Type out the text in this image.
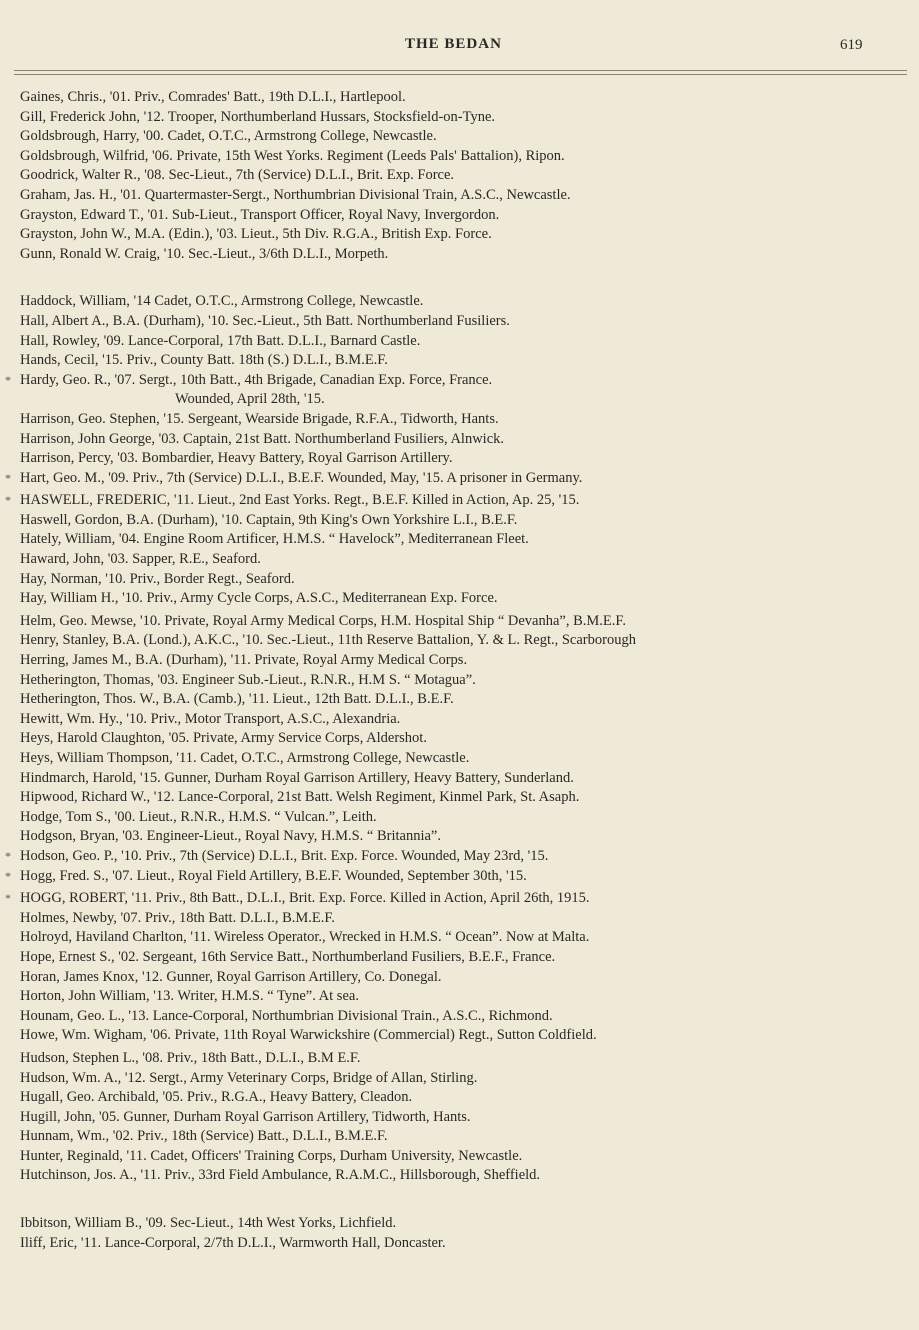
THE BEDAN	619
Gaines, Chris., '01. Priv., Comrades' Batt., 19th D.L.I., Hartlepool.
Gill, Frederick John, '12. Trooper, Northumberland Hussars, Stocksfield-on-Tyne.
Goldsbrough, Harry, '00. Cadet, O.T.C., Armstrong College, Newcastle.
Goldsbrough, Wilfrid, '06. Private, 15th West Yorks. Regiment (Leeds Pals' Battalion), Ripon.
Goodrick, Walter R., '08. Sec-Lieut., 7th (Service) D.L.I., Brit. Exp. Force.
Graham, Jas. H., '01. Quartermaster-Sergt., Northumbrian Divisional Train, A.S.C., Newcastle.
Grayston, Edward T., '01. Sub-Lieut., Transport Officer, Royal Navy, Invergordon.
Grayston, John W., M.A. (Edin.), '03. Lieut., 5th Div. R.G.A., British Exp. Force.
Gunn, Ronald W. Craig, '10. Sec.-Lieut., 3/6th D.L.I., Morpeth.
Haddock, William, '14 Cadet, O.T.C., Armstrong College, Newcastle.
Hall, Albert A., B.A. (Durham), '10. Sec.-Lieut., 5th Batt. Northumberland Fusiliers.
Hall, Rowley, '09. Lance-Corporal, 17th Batt. D.L.I., Barnard Castle.
Hands, Cecil, '15. Priv., County Batt. 18th (S.) D.L.I., B.M.E.F.
* Hardy, Geo. R., '07. Sergt., 10th Batt., 4th Brigade, Canadian Exp. Force, France.
Wounded, April 28th, '15.
Harrison, Geo. Stephen, '15. Sergeant, Wearside Brigade, R.F.A., Tidworth, Hants.
Harrison, John George, '03. Captain, 21st Batt. Northumberland Fusiliers, Alnwick.
Harrison, Percy, '03. Bombardier, Heavy Battery, Royal Garrison Artillery.
* Hart, Geo. M., '09. Priv., 7th (Service) D.L.I., B.E.F. Wounded, May, '15. A prisoner in Germany.
* HASWELL, FREDERIC, '11. Lieut., 2nd East Yorks. Regt., B.E.F. Killed in Action, Ap. 25, '15.
Haswell, Gordon, B.A. (Durham), '10. Captain, 9th King's Own Yorkshire L.I., B.E.F.
Hately, William, '04. Engine Room Artificer, H.M.S. “ Havelock”, Mediterranean Fleet.
Haward, John, '03. Sapper, R.E., Seaford.
Hay, Norman, '10. Priv., Border Regt., Seaford.
Hay, William H., '10. Priv., Army Cycle Corps, A.S.C., Mediterranean Exp. Force.
Helm, Geo. Mewse, '10. Private, Royal Army Medical Corps, H.M. Hospital Ship “ Devanha”, B.M.E.F.
Henry, Stanley, B.A. (Lond.), A.K.C., '10. Sec.-Lieut., 11th Reserve Battalion, Y. & L. Regt., Scarborough
Herring, James M., B.A. (Durham), '11. Private, Royal Army Medical Corps.
Hetherington, Thomas, '03. Engineer Sub.-Lieut., R.N.R., H.M S. “ Motagua”.
Hetherington, Thos. W., B.A. (Camb.), '11. Lieut., 12th Batt. D.L.I., B.E.F.
Hewitt, Wm. Hy., '10. Priv., Motor Transport, A.S.C., Alexandria.
Heys, Harold Claughton, '05. Private, Army Service Corps, Aldershot.
Heys, William Thompson, '11. Cadet, O.T.C., Armstrong College, Newcastle.
Hindmarch, Harold, '15. Gunner, Durham Royal Garrison Artillery, Heavy Battery, Sunderland.
Hipwood, Richard W., '12. Lance-Corporal, 21st Batt. Welsh Regiment, Kinmel Park, St. Asaph.
Hodge, Tom S., '00. Lieut., R.N.R., H.M.S. “ Vulcan.”, Leith.
Hodgson, Bryan, '03. Engineer-Lieut., Royal Navy, H.M.S. “ Britannia”.
* Hodson, Geo. P., '10. Priv., 7th (Service) D.L.I., Brit. Exp. Force. Wounded, May 23rd, '15.
* Hogg, Fred. S., '07. Lieut., Royal Field Artillery, B.E.F. Wounded, September 30th, '15.
* HOGG, ROBERT, '11. Priv., 8th Batt., D.L.I., Brit. Exp. Force. Killed in Action, April 26th, 1915.
Holmes, Newby, '07. Priv., 18th Batt. D.L.I., B.M.E.F.
Holroyd, Haviland Charlton, '11. Wireless Operator., Wrecked in H.M.S. “ Ocean”. Now at Malta.
Hope, Ernest S., '02. Sergeant, 16th Service Batt., Northumberland Fusiliers, B.E.F., France.
Horan, James Knox, '12. Gunner, Royal Garrison Artillery, Co. Donegal.
Horton, John William, '13. Writer, H.M.S. “ Tyne”. At sea.
Hounam, Geo. L., '13. Lance-Corporal, Northumbrian Divisional Train., A.S.C., Richmond.
Howe, Wm. Wigham, '06. Private, 11th Royal Warwickshire (Commercial) Regt., Sutton Coldfield.
Hudson, Stephen L., '08. Priv., 18th Batt., D.L.I., B.M E.F.
Hudson, Wm. A., '12. Sergt., Army Veterinary Corps, Bridge of Allan, Stirling.
Hugall, Geo. Archibald, '05. Priv., R.G.A., Heavy Battery, Cleadon.
Hugill, John, '05. Gunner, Durham Royal Garrison Artillery, Tidworth, Hants.
Hunnam, Wm., '02. Priv., 18th (Service) Batt., D.L.I., B.M.E.F.
Hunter, Reginald, '11. Cadet, Officers' Training Corps, Durham University, Newcastle.
Hutchinson, Jos. A., '11. Priv., 33rd Field Ambulance, R.A.M.C., Hillsborough, Sheffield.
Ibbitson, William B., '09. Sec-Lieut., 14th West Yorks, Lichfield.
Iliff, Eric, '11. Lance-Corporal, 2/7th D.L.I., Warmworth Hall, Doncaster.
